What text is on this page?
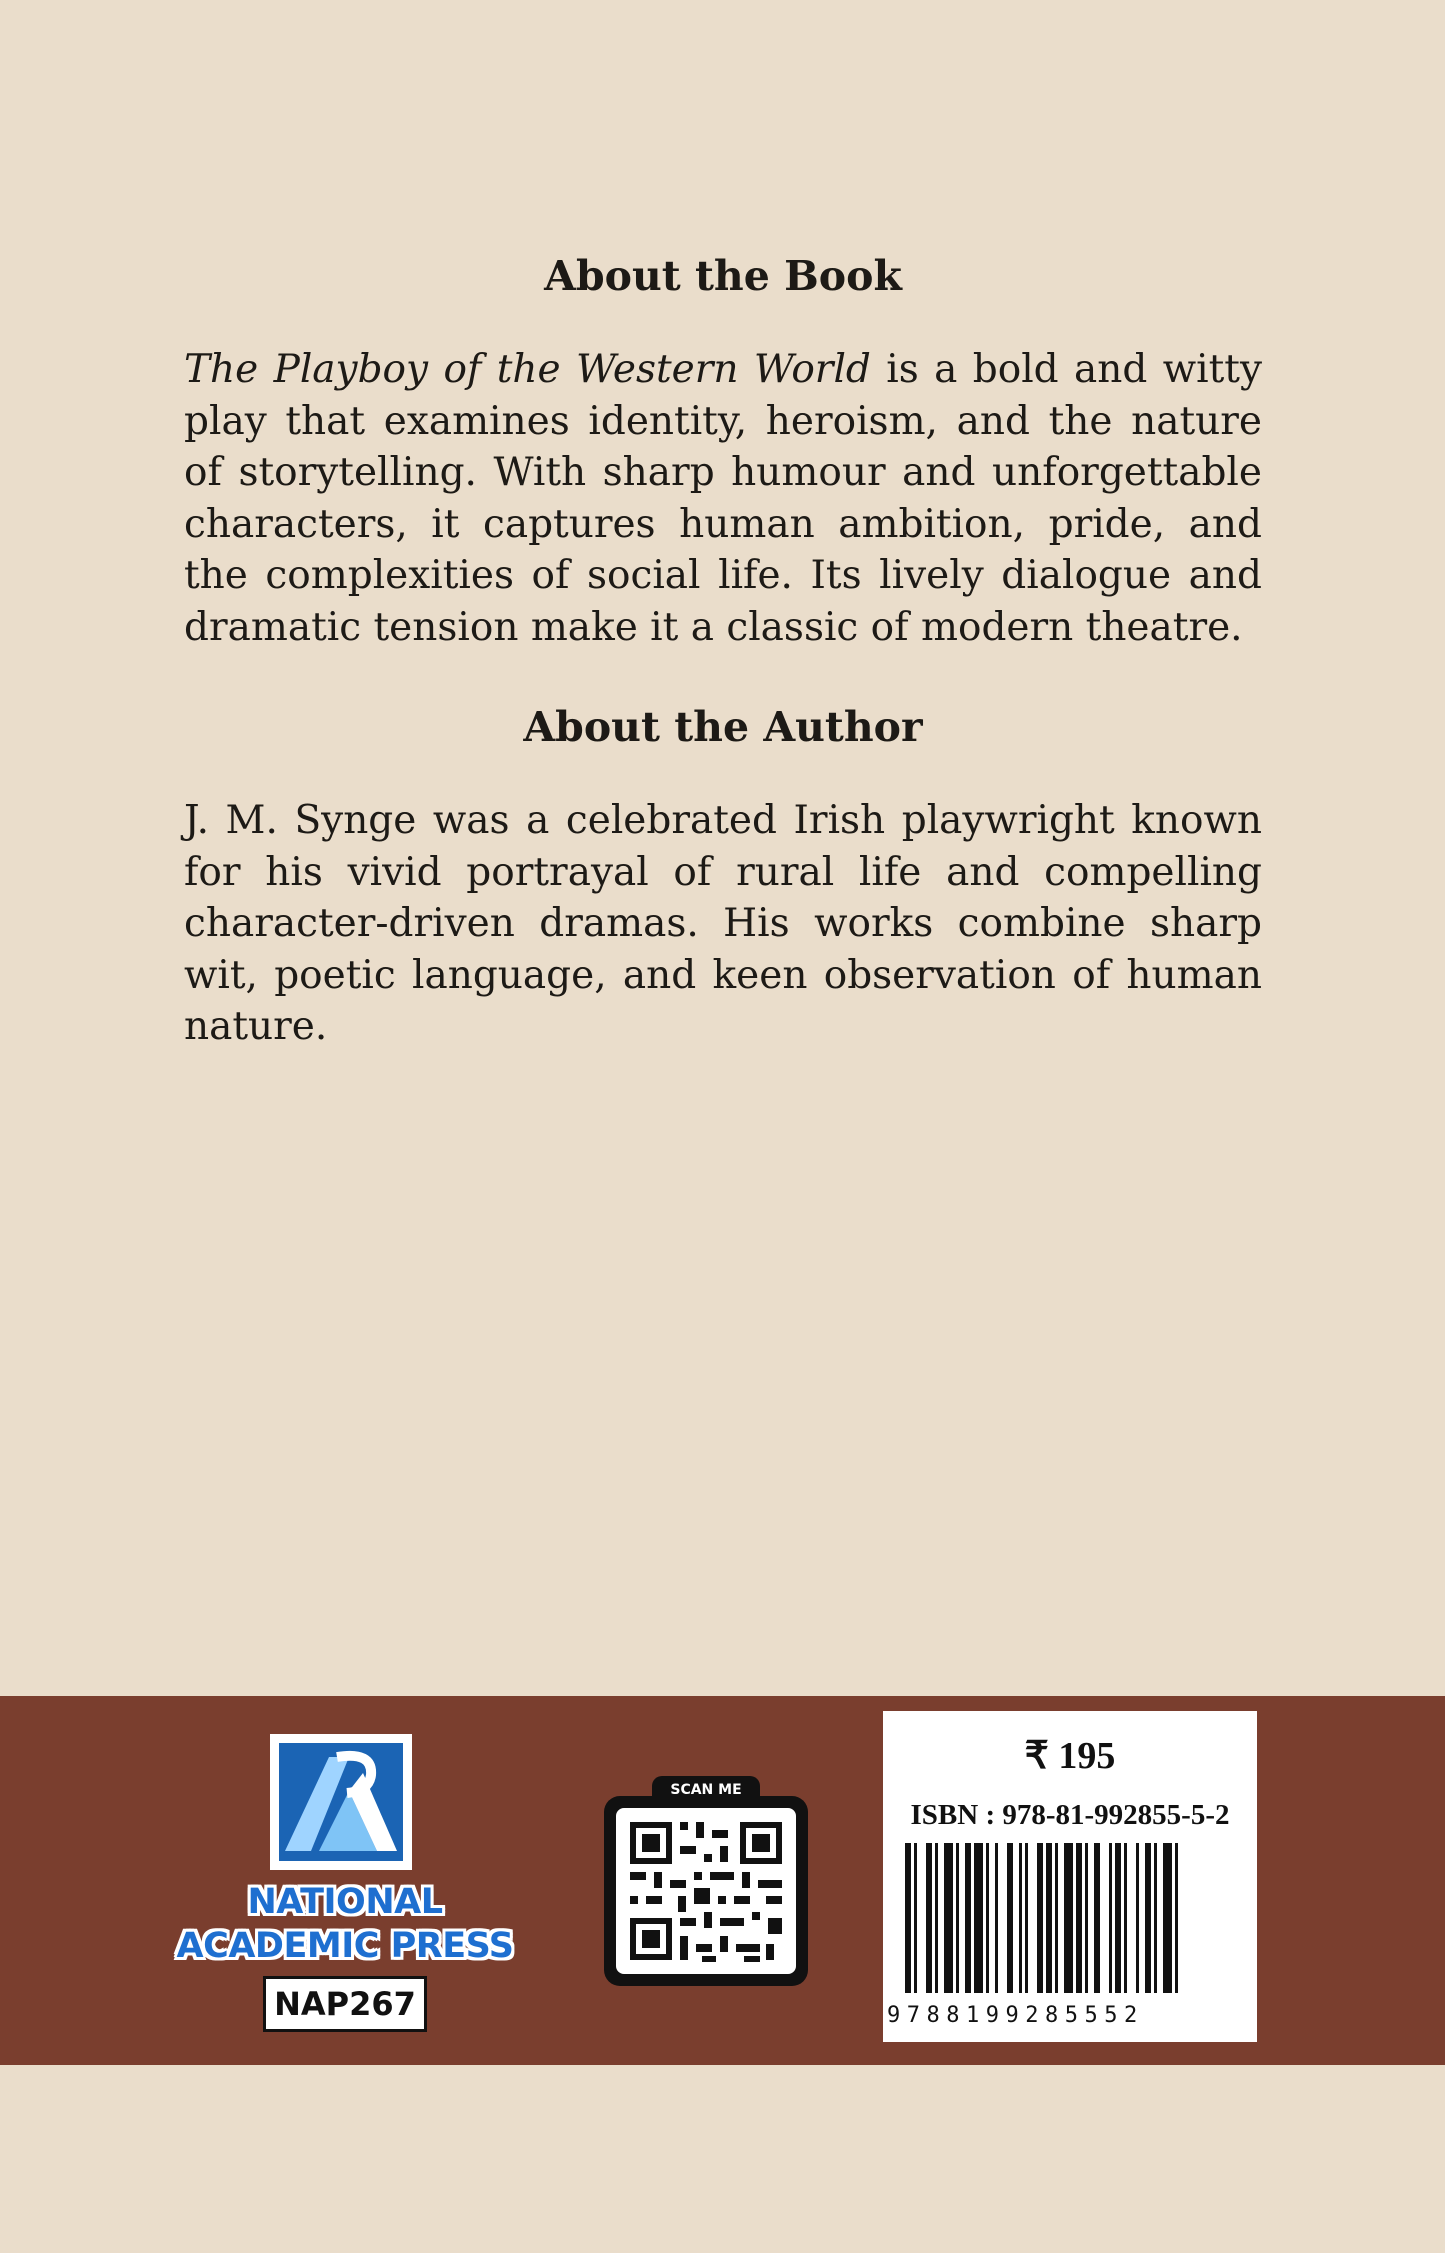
About the Book

The Playboy of the Western World is a bold and witty play that examines identity, heroism, and the nature of storytelling. With sharp humour and unforgettable characters, it captures human ambition, pride, and the complexities of social life. Its lively dialogue and dramatic tension make it a classic of modern theatre.

About the Author

J. M. Synge was a celebrated Irish playwright known for his vivid portrayal of rural life and compelling character-driven dramas. His works combine sharp wit, poetic language, and keen observation of human nature.

NATIONAL
ACADEMIC PRESS
NAP267
SCAN ME
₹ 195
ISBN : 978-81-992855-5-2
9788199285552
